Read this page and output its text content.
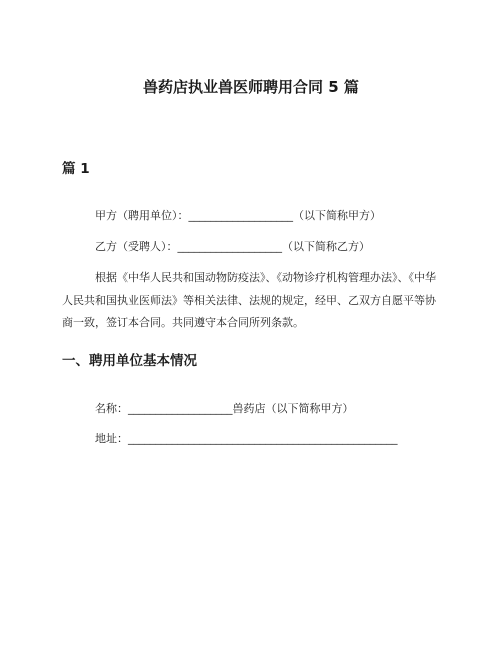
兽药店执业兽医师聘用合同 5 篇
篇 1
甲方（聘用单位）：___________________（以下简称甲方）
乙方（受聘人）：___________________（以下简称乙方）
根据《中华人民共和国动物防疫法》、《动物诊疗机构管理办法》、《中华人民共和国执业医师法》等相关法律、法规的规定，经甲、乙双方自愿平等协商一致，签订本合同。共同遵守本合同所列条款。
一、聘用单位基本情况
名称：___________________兽药店（以下简称甲方）
地址：_________________________________________________
